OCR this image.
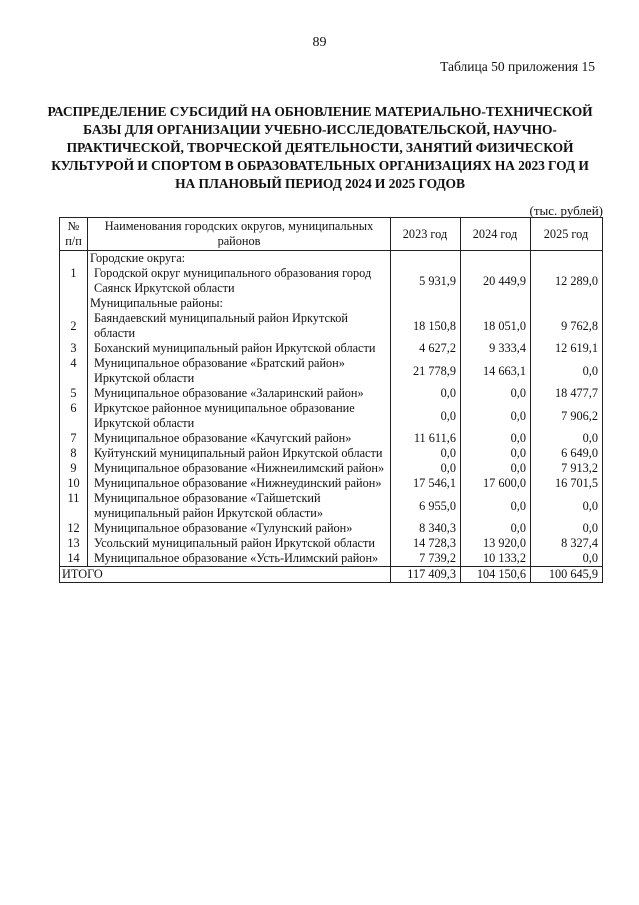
89
Таблица 50 приложения 15
РАСПРЕДЕЛЕНИЕ СУБСИДИЙ НА ОБНОВЛЕНИЕ МАТЕРИАЛЬНО-ТЕХНИЧЕСКОЙ БАЗЫ ДЛЯ ОРГАНИЗАЦИИ УЧЕБНО-ИССЛЕДОВАТЕЛЬСКОЙ, НАУЧНО-ПРАКТИЧЕСКОЙ, ТВОРЧЕСКОЙ ДЕЯТЕЛЬНОСТИ, ЗАНЯТИЙ ФИЗИЧЕСКОЙ КУЛЬТУРОЙ И СПОРТОМ В ОБРАЗОВАТЕЛЬНЫХ ОРГАНИЗАЦИЯХ НА 2023 ГОД И НА ПЛАНОВЫЙ ПЕРИОД 2024 И 2025 ГОДОВ
(тыс. рублей)
№ п/п	Наименования городских округов, муниципальных районов	2023 год	2024 год	2025 год
	Городские округа:			
1	Городской округ муниципального образования город Саянск Иркутской области	5 931,9	20 449,9	12 289,0
	Муниципальные районы:			
2	Баяндаевский муниципальный район Иркутской области	18 150,8	18 051,0	9 762,8
3	Боханский муниципальный район Иркутской области	4 627,2	9 333,4	12 619,1
4	Муниципальное образование «Братский район» Иркутской области	21 778,9	14 663,1	0,0
5	Муниципальное образование «Заларинский район»	0,0	0,0	18 477,7
6	Иркутское районное муниципальное образование Иркутской области	0,0	0,0	7 906,2
7	Муниципальное образование «Качугский район»	11 611,6	0,0	0,0
8	Куйтунский муниципальный район Иркутской области	0,0	0,0	6 649,0
9	Муниципальное образование «Нижнеилимский район»	0,0	0,0	7 913,2
10	Муниципальное образование «Нижнеудинский район»	17 546,1	17 600,0	16 701,5
11	Муниципальное образование «Тайшетский муниципальный район Иркутской области»	6 955,0	0,0	0,0
12	Муниципальное образование «Тулунский район»	8 340,3	0,0	0,0
13	Усольский муниципальный район Иркутской области	14 728,3	13 920,0	8 327,4
14	Муниципальное образование «Усть-Илимский район»	7 739,2	10 133,2	0,0
ИТОГО		117 409,3	104 150,6	100 645,9
